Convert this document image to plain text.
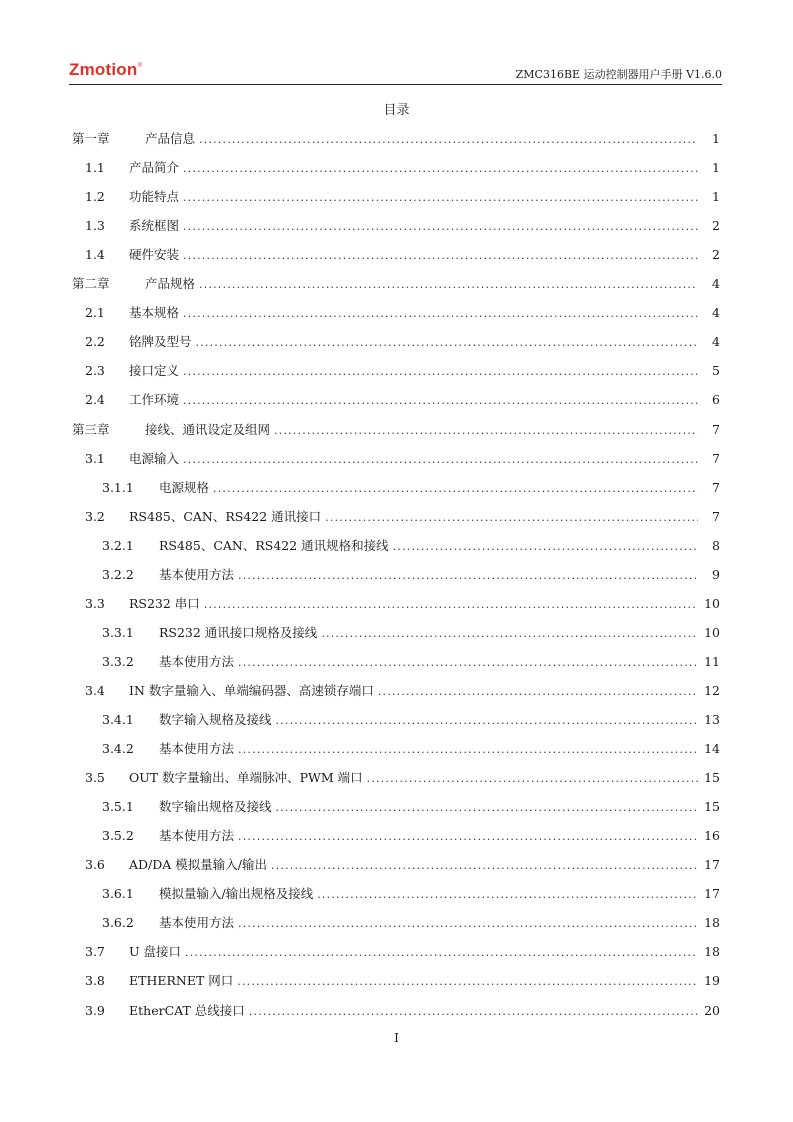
Zmotion®
ZMC316BE 运动控制器用户手册 V1.6.0
目录
第一章	产品信息 .....	1
1.1	产品简介 .....	1
1.2	功能特点 .....	1
1.3	系统框图 .....	2
1.4	硬件安装 .....	2
第二章	产品规格 .....	4
2.1	基本规格 .....	4
2.2	铭牌及型号 .....	4
2.3	接口定义 .....	5
2.4	工作环境 .....	6
第三章	接线、通讯设定及组网 .....	7
3.1	电源输入 .....	7
3.1.1	电源规格 .....	7
3.2	RS485、CAN、RS422 通讯接口 .....	7
3.2.1	RS485、CAN、RS422 通讯规格和接线 .....	8
3.2.2	基本使用方法 .....	9
3.3	RS232 串口 .....	10
3.3.1	RS232 通讯接口规格及接线 .....	10
3.3.2	基本使用方法 .....	11
3.4	IN 数字量输入、单端编码器、高速锁存端口 .....	12
3.4.1	数字输入规格及接线 .....	13
3.4.2	基本使用方法 .....	14
3.5	OUT 数字量输出、单端脉冲、PWM 端口 .....	15
3.5.1	数字输出规格及接线 .....	15
3.5.2	基本使用方法 .....	16
3.6	AD/DA 模拟量输入/输出 .....	17
3.6.1	模拟量输入/输出规格及接线 .....	17
3.6.2	基本使用方法 .....	18
3.7	U 盘接口 .....	18
3.8	ETHERNET 网口 .....	19
3.9	EtherCAT 总线接口 .....	20
I
